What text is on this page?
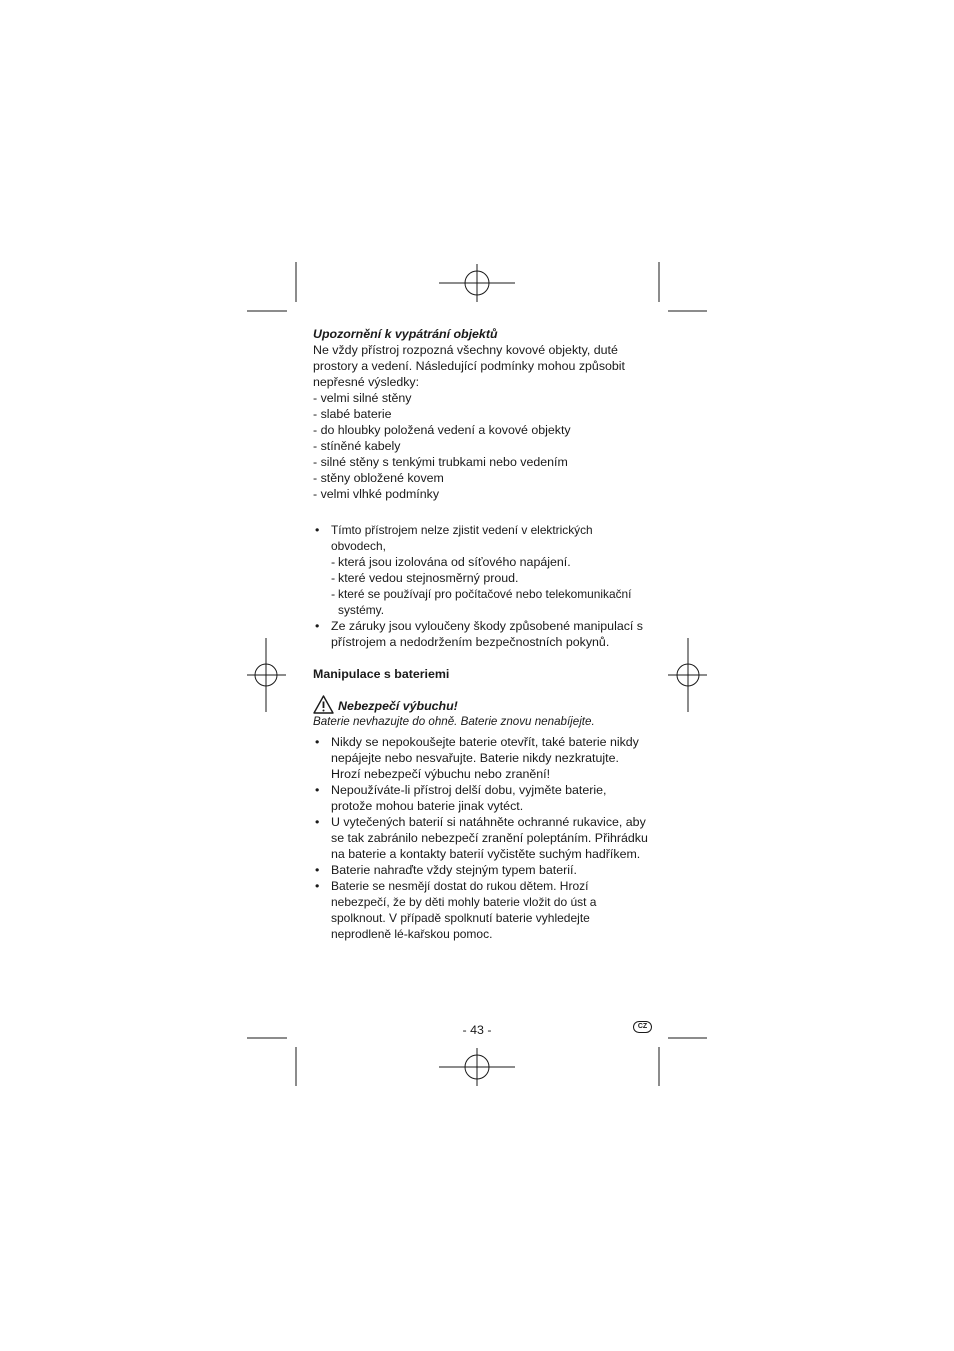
Upozornění k vypátrání objektů

Ne vždy přístroj rozpozná všechny kovové objekty, duté prostory a vedení. Následující podmínky mohou způsobit nepřesné výsledky:

- velmi silné stěny
- slabé baterie
- do hloubky položená vedení a kovové objekty
- stíněné kabely
- silné stěny s tenkými trubkami nebo vedením
- stěny obložené kovem
- velmi vlhké podmínky
• Tímto přístrojem nelze zjistit vedení v elektrických obvodech,
- která jsou izolována od síťového napájení.
- které vedou stejnosměrný proud.
- které se používají pro počítačové nebo telekomunikační systémy.
• Ze záruky jsou vyloučeny škody způsobené manipulací s přístrojem a nedodržením bezpečnostních pokynů.

Manipulace s bateriemi

Nebezpečí výbuchu!

Baterie nevhazujte do ohně. Baterie znovu nenabíjejte.

• Nikdy se nepokoušejte baterie otevřít, také baterie nikdy nepájejte nebo nesvařujte. Baterie nikdy nezkratujte. Hrozí nebezpečí výbuchu nebo zranění!
• Nepoužíváte-li přístroj delší dobu, vyjměte baterie, protože mohou baterie jinak vytéct.
• U vytečených baterií si natáhněte ochranné rukavice, aby se tak zabránilo nebezpečí zranění poleptáním. Přihrádku na baterie a kontakty baterií vyčistěte suchým hadříkem.
• Baterie nahraďte vždy stejným typem baterií.
• Baterie se nesmějí dostat do rukou dětem. Hrozí nebezpečí, že by děti mohly baterie vložit do úst a spolknout. V případě spolknutí baterie vyhledejte neprodleně lé-kařskou pomoc.
- 43 -	CZ
